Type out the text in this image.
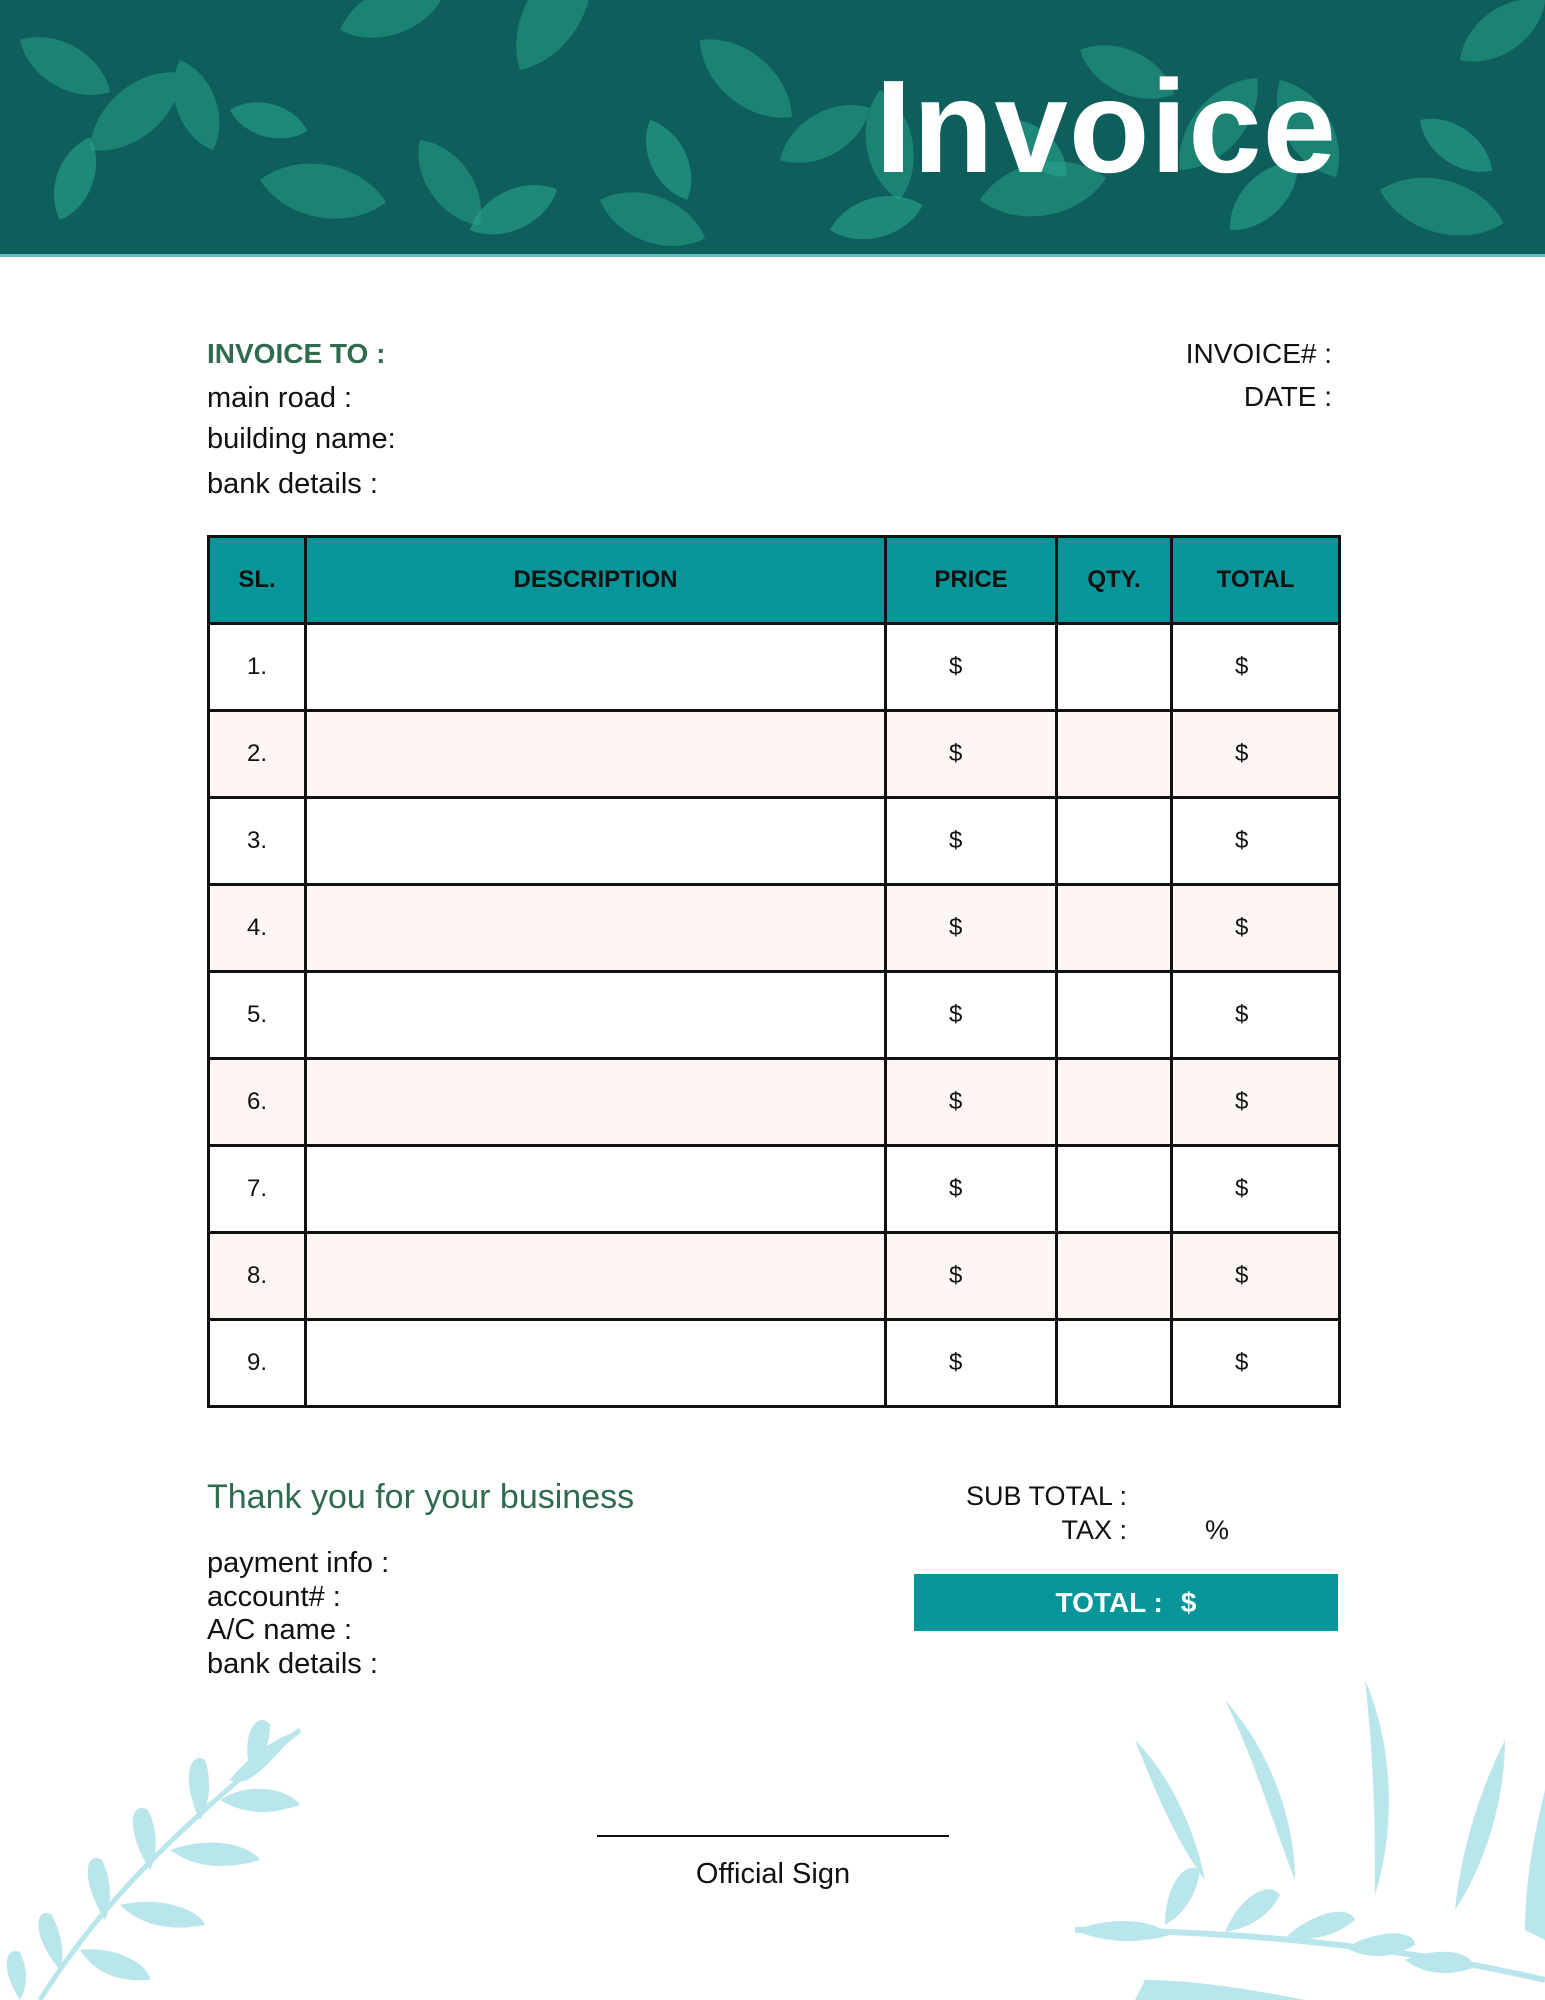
Invoice
INVOICE TO :
main road :
building name:
bank details :
INVOICE# :
DATE :
SL.	DESCRIPTION	PRICE	QTY.	TOTAL
1.		$		$
2.		$		$
3.		$		$
4.		$		$
5.		$		$
6.		$		$
7.		$		$
8.		$		$
9.		$		$
Thank you for your business
payment info :
account# :
A/C name :
bank details :
SUB TOTAL :
TAX :	%
TOTAL : $
Official Sign
